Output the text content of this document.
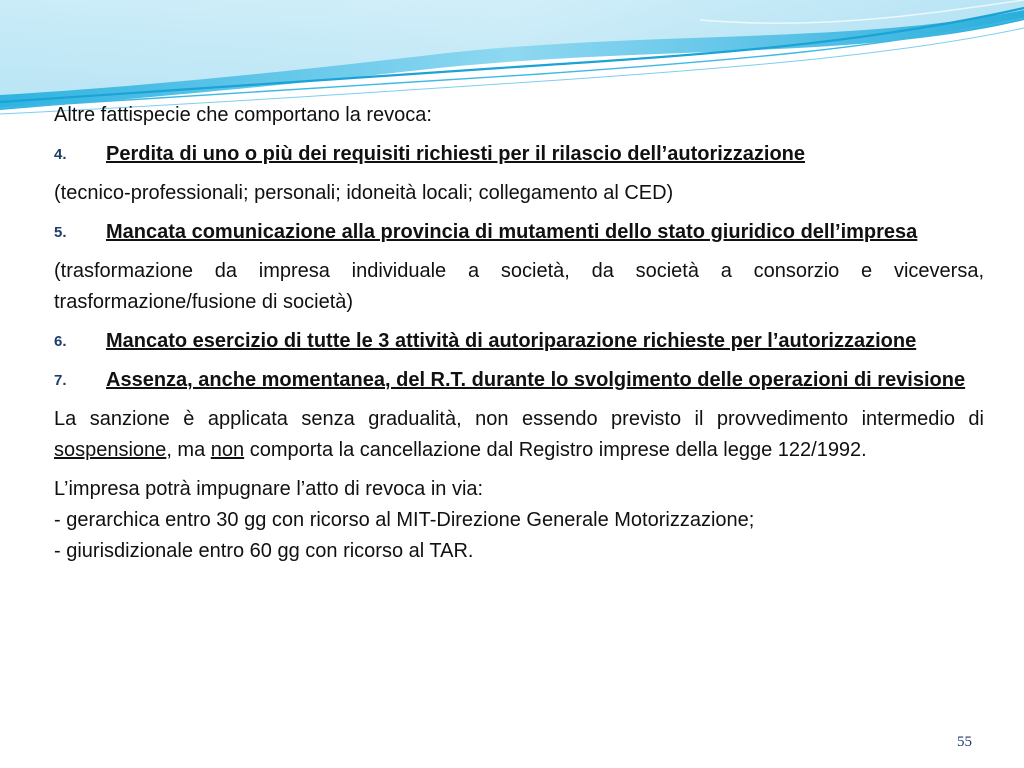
Altre fattispecie che comportano la revoca:

4.	Perdita di uno o più dei requisiti richiesti per il rilascio dell’autorizzazione

(tecnico-professionali; personali; idoneità locali; collegamento al CED)

5.	Mancata comunicazione alla provincia di mutamenti dello stato giuridico dell’impresa

(trasformazione da impresa individuale a società, da società a consorzio e viceversa, trasformazione/fusione di società)

6.	Mancato esercizio di tutte le 3 attività di autoriparazione richieste per l’autorizzazione
7.	Assenza, anche momentanea, del R.T. durante lo svolgimento delle operazioni di revisione

La sanzione è applicata senza gradualità, non essendo previsto il provvedimento intermedio di sospensione, ma non comporta la cancellazione dal Registro imprese della legge 122/1992.

L’impresa potrà impugnare l’atto di revoca in via:
- gerarchica entro 30 gg con ricorso al MIT-Direzione Generale Motorizzazione;
- giurisdizionale entro 60 gg con ricorso al TAR.

55
